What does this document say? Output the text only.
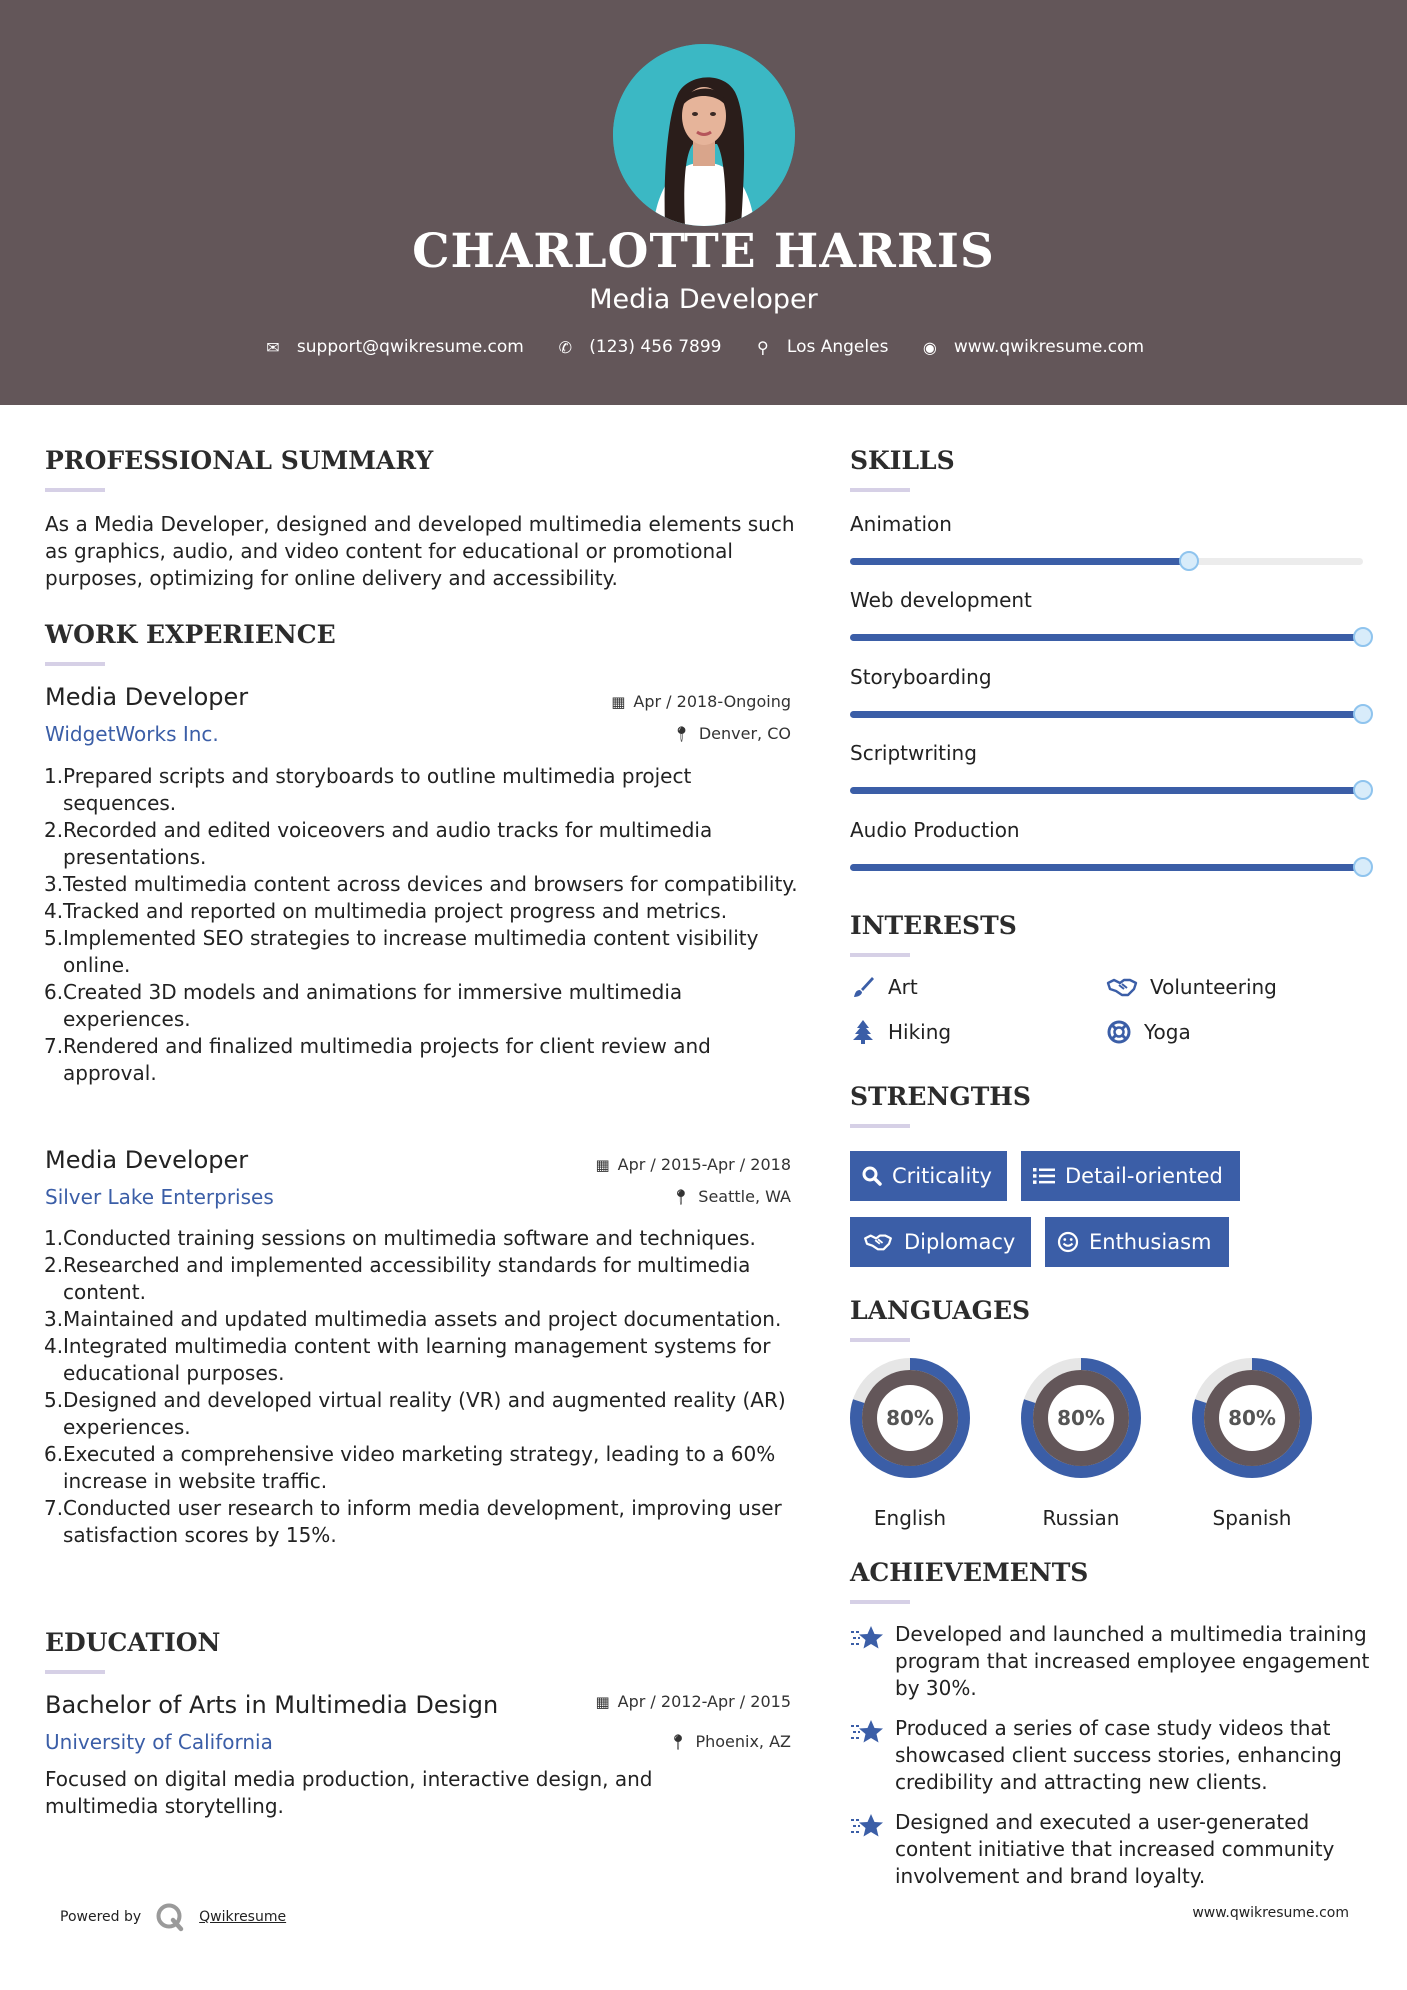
CHARLOTTE HARRIS
Media Developer
✉ support@qwikresume.com
✆ (123) 456 7899
⚲ Los Angeles
◉ www.qwikresume.com
PROFESSIONAL SUMMARY
As a Media Developer, designed and developed multimedia elements such as graphics, audio, and video content for educational or promotional purposes, optimizing for online delivery and accessibility.
WORK EXPERIENCE
Media Developer	▦ Apr / 2018-Ongoing
WidgetWorks Inc.	📍︎ Denver, CO
1. Prepared scripts and storyboards to outline multimedia project sequences.
2. Recorded and edited voiceovers and audio tracks for multimedia presentations.
3. Tested multimedia content across devices and browsers for compatibility.
4. Tracked and reported on multimedia project progress and metrics.
5. Implemented SEO strategies to increase multimedia content visibility online.
6. Created 3D models and animations for immersive multimedia experiences.
7. Rendered and finalized multimedia projects for client review and approval.
Media Developer	▦ Apr / 2015-Apr / 2018
Silver Lake Enterprises	📍︎ Seattle, WA
1. Conducted training sessions on multimedia software and techniques.
2. Researched and implemented accessibility standards for multimedia content.
3. Maintained and updated multimedia assets and project documentation.
4. Integrated multimedia content with learning management systems for educational purposes.
5. Designed and developed virtual reality (VR) and augmented reality (AR) experiences.
6. Executed a comprehensive video marketing strategy, leading to a 60% increase in website traffic.
7. Conducted user research to inform media development, improving user satisfaction scores by 15%.
EDUCATION
Bachelor of Arts in Multimedia Design	▦ Apr / 2012-Apr / 2015
University of California	📍︎ Phoenix, AZ
Focused on digital media production, interactive design, and multimedia storytelling.
SKILLS
Animation
Web development
Storyboarding
Scriptwriting
Audio Production
INTERESTS
Art	Volunteering
Hiking	Yoga
STRENGTHS
Criticality	Detail-oriented
Diplomacy	Enthusiasm
LANGUAGES
80%
English
80%
Russian
80%
Spanish
ACHIEVEMENTS
Developed and launched a multimedia training program that increased employee engagement by 30%.
Produced a series of case study videos that showcased client success stories, enhancing credibility and attracting new clients.
Designed and executed a user-generated content initiative that increased community involvement and brand loyalty.
Powered by	Qwikresume	www.qwikresume.com
